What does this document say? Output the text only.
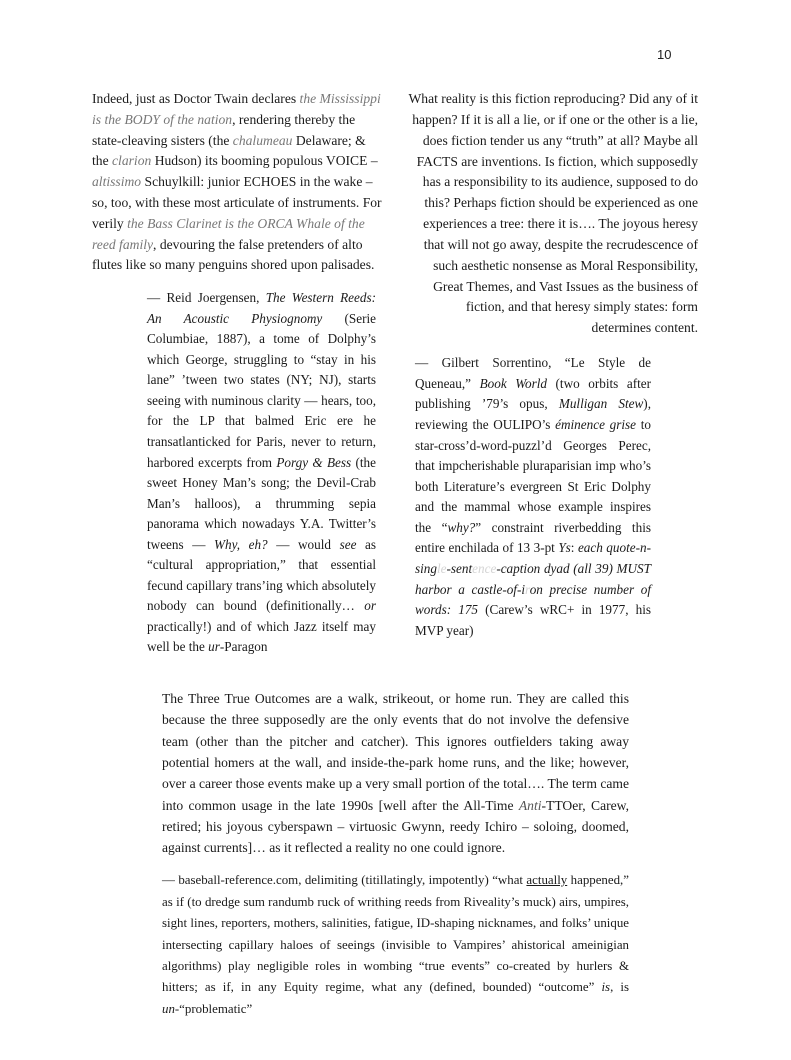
10
Indeed, just as Doctor Twain declares the Mississippi is the BODY of the nation, rendering thereby the state-cleaving sisters (the chalumeau Delaware; & the clarion Hudson) its booming populous VOICE – altissimo Schuylkill: junior ECHOES in the wake – so, too, with these most articulate of instruments. For verily the Bass Clarinet is the ORCA Whale of the reed family, devouring the false pretenders of alto flutes like so many penguins shored upon palisades.
— Reid Joergensen, The Western Reeds: An Acoustic Physiognomy (Serie Columbiae, 1887), a tome of Dolphy’s which George, struggling to “stay in his lane” ’tween two states (NY; NJ), starts seeing with numinous clarity — hears, too, for the LP that balmed Eric ere he transatlanticked for Paris, never to return, harbored excerpts from Porgy & Bess (the sweet Honey Man’s song; the Devil-Crab Man’s halloos), a thrumming sepia panorama which nowadays Y.A. Twitter’s tweens — Why, eh? — would see as “cultural appropriation,” that essential fecund capillary trans’ing which absolutely nobody can bound (definitionally… or practically!) and of which Jazz itself may well be the ur-Paragon
What reality is this fiction reproducing? Did any of it happen? If it is all a lie, or if one or the other is a lie, does fiction tender us any “truth” at all? Maybe all FACTS are inventions. Is fiction, which supposedly has a responsibility to its audience, supposed to do this? Perhaps fiction should be experienced as one experiences a tree: there it is…. The joyous heresy that will not go away, despite the recrudescence of such aesthetic nonsense as Moral Responsibility, Great Themes, and Vast Issues as the business of fiction, and that heresy simply states: form determines content.
— Gilbert Sorrentino, “Le Style de Queneau,” Book World (two orbits after publishing ’79’s opus, Mulligan Stew), reviewing the OULIPO’s éminence grise to star-cross’d-word-puzzl’d Georges Perec, that impcherishable pluraparisian imp who’s both Literature’s evergreen St Eric Dolphy and the mammal whose example inspires the “why?” constraint riverbedding this entire enchilada of 13 3-pt Ys: each quote-n-single-sentence-caption dyad (all 39) MUST harbor a castle-of-iron precise number of words: 175 (Carew’s wRC+ in 1977, his MVP year)
The Three True Outcomes are a walk, strikeout, or home run. They are called this because the three supposedly are the only events that do not involve the defensive team (other than the pitcher and catcher). This ignores outfielders taking away potential homers at the wall, and inside-the-park home runs, and the like; however, over a career those events make up a very small portion of the total…. The term came into common usage in the late 1990s [well after the All-Time Anti-TTOer, Carew, retired; his joyous cyberspawn – virtuosic Gwynn, reedy Ichiro – soloing, doomed, against currents]… as it reflected a reality no one could ignore.
— baseball-reference.com, delimiting (titillatingly, impotently) “what actually happened,” as if (to dredge sum randumb ruck of writhing reeds from Riveality’s muck) airs, umpires, sight lines, reporters, mothers, salinities, fatigue, ID-shaping nicknames, and folks’ unique intersecting capillary haloes of seeings (invisible to Vampires’ ahistorical ameinigian algorithms) play negligible roles in wombing “true events” co-created by hurlers & hitters; as if, in any Equity regime, what any (defined, bounded) “outcome” is, is un-“problematic”
